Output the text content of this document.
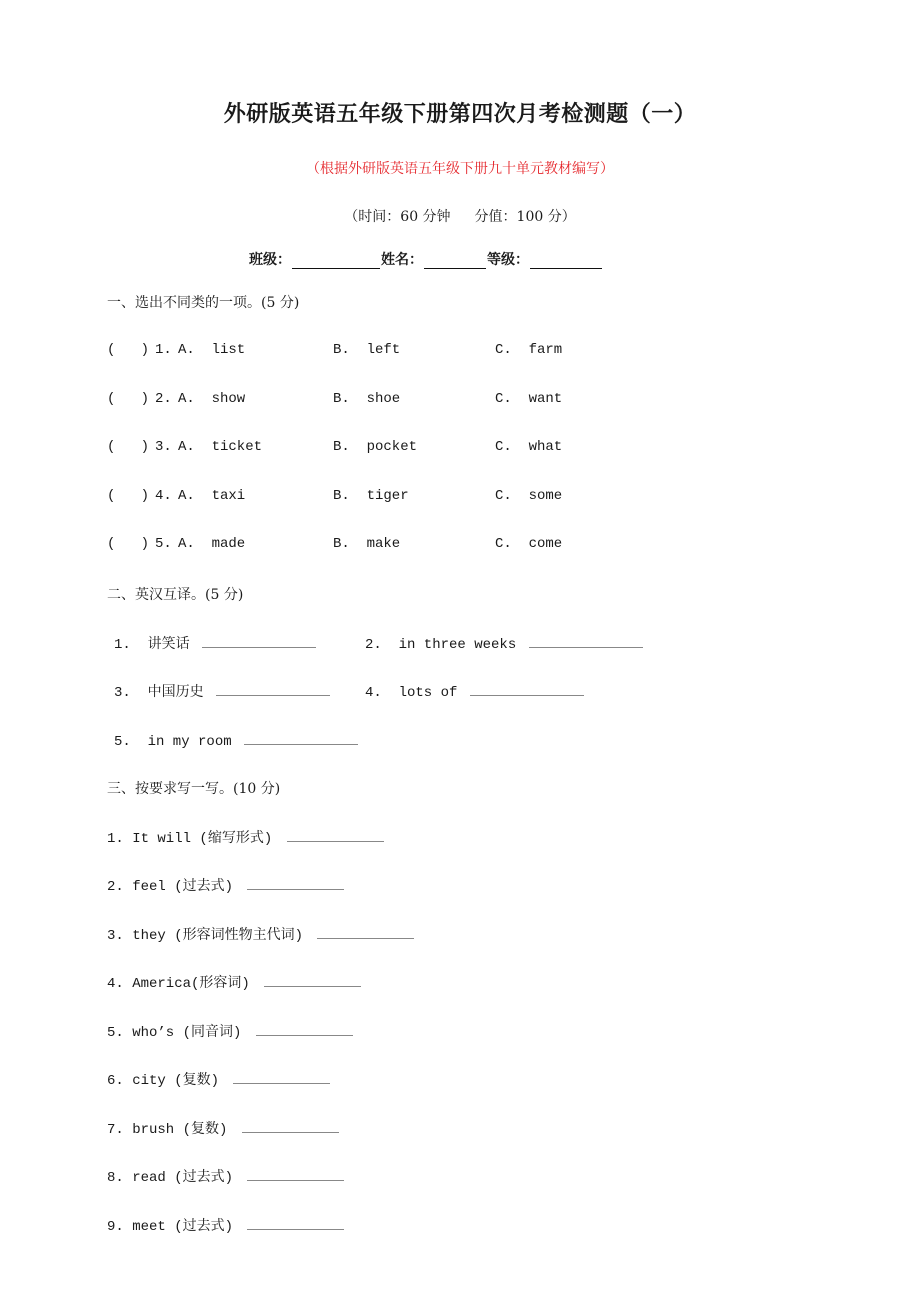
外研版英语五年级下册第四次月考检测题（一）
（根据外研版英语五年级下册九十单元教材编写）
（时间：60 分钟 分值：100 分）
班级：	姓名：	等级：
一、选出不同类的一项。(5 分)
(   ) 1. A.  list	B.  left	C.  farm
(   ) 2. A.  show	B.  shoe	C.  want
(   ) 3. A.  ticket	B.  pocket	C.  what
(   ) 4. A.  taxi	B.  tiger	C.  some
(   ) 5. A.  made	B.  make	C.  come
二、英汉互译。(5 分)
1.  讲笑话	2.  in three weeks
3.  中国历史	4.  lots of
5.  in my room
三、按要求写一写。(10 分)
1. It will (缩写形式)
2. feel (过去式)
3. they (形容词性物主代词)
4. America(形容词)
5. who’s (同音词)
6. city (复数)
7. brush (复数)
8. read (过去式)
9. meet (过去式)
